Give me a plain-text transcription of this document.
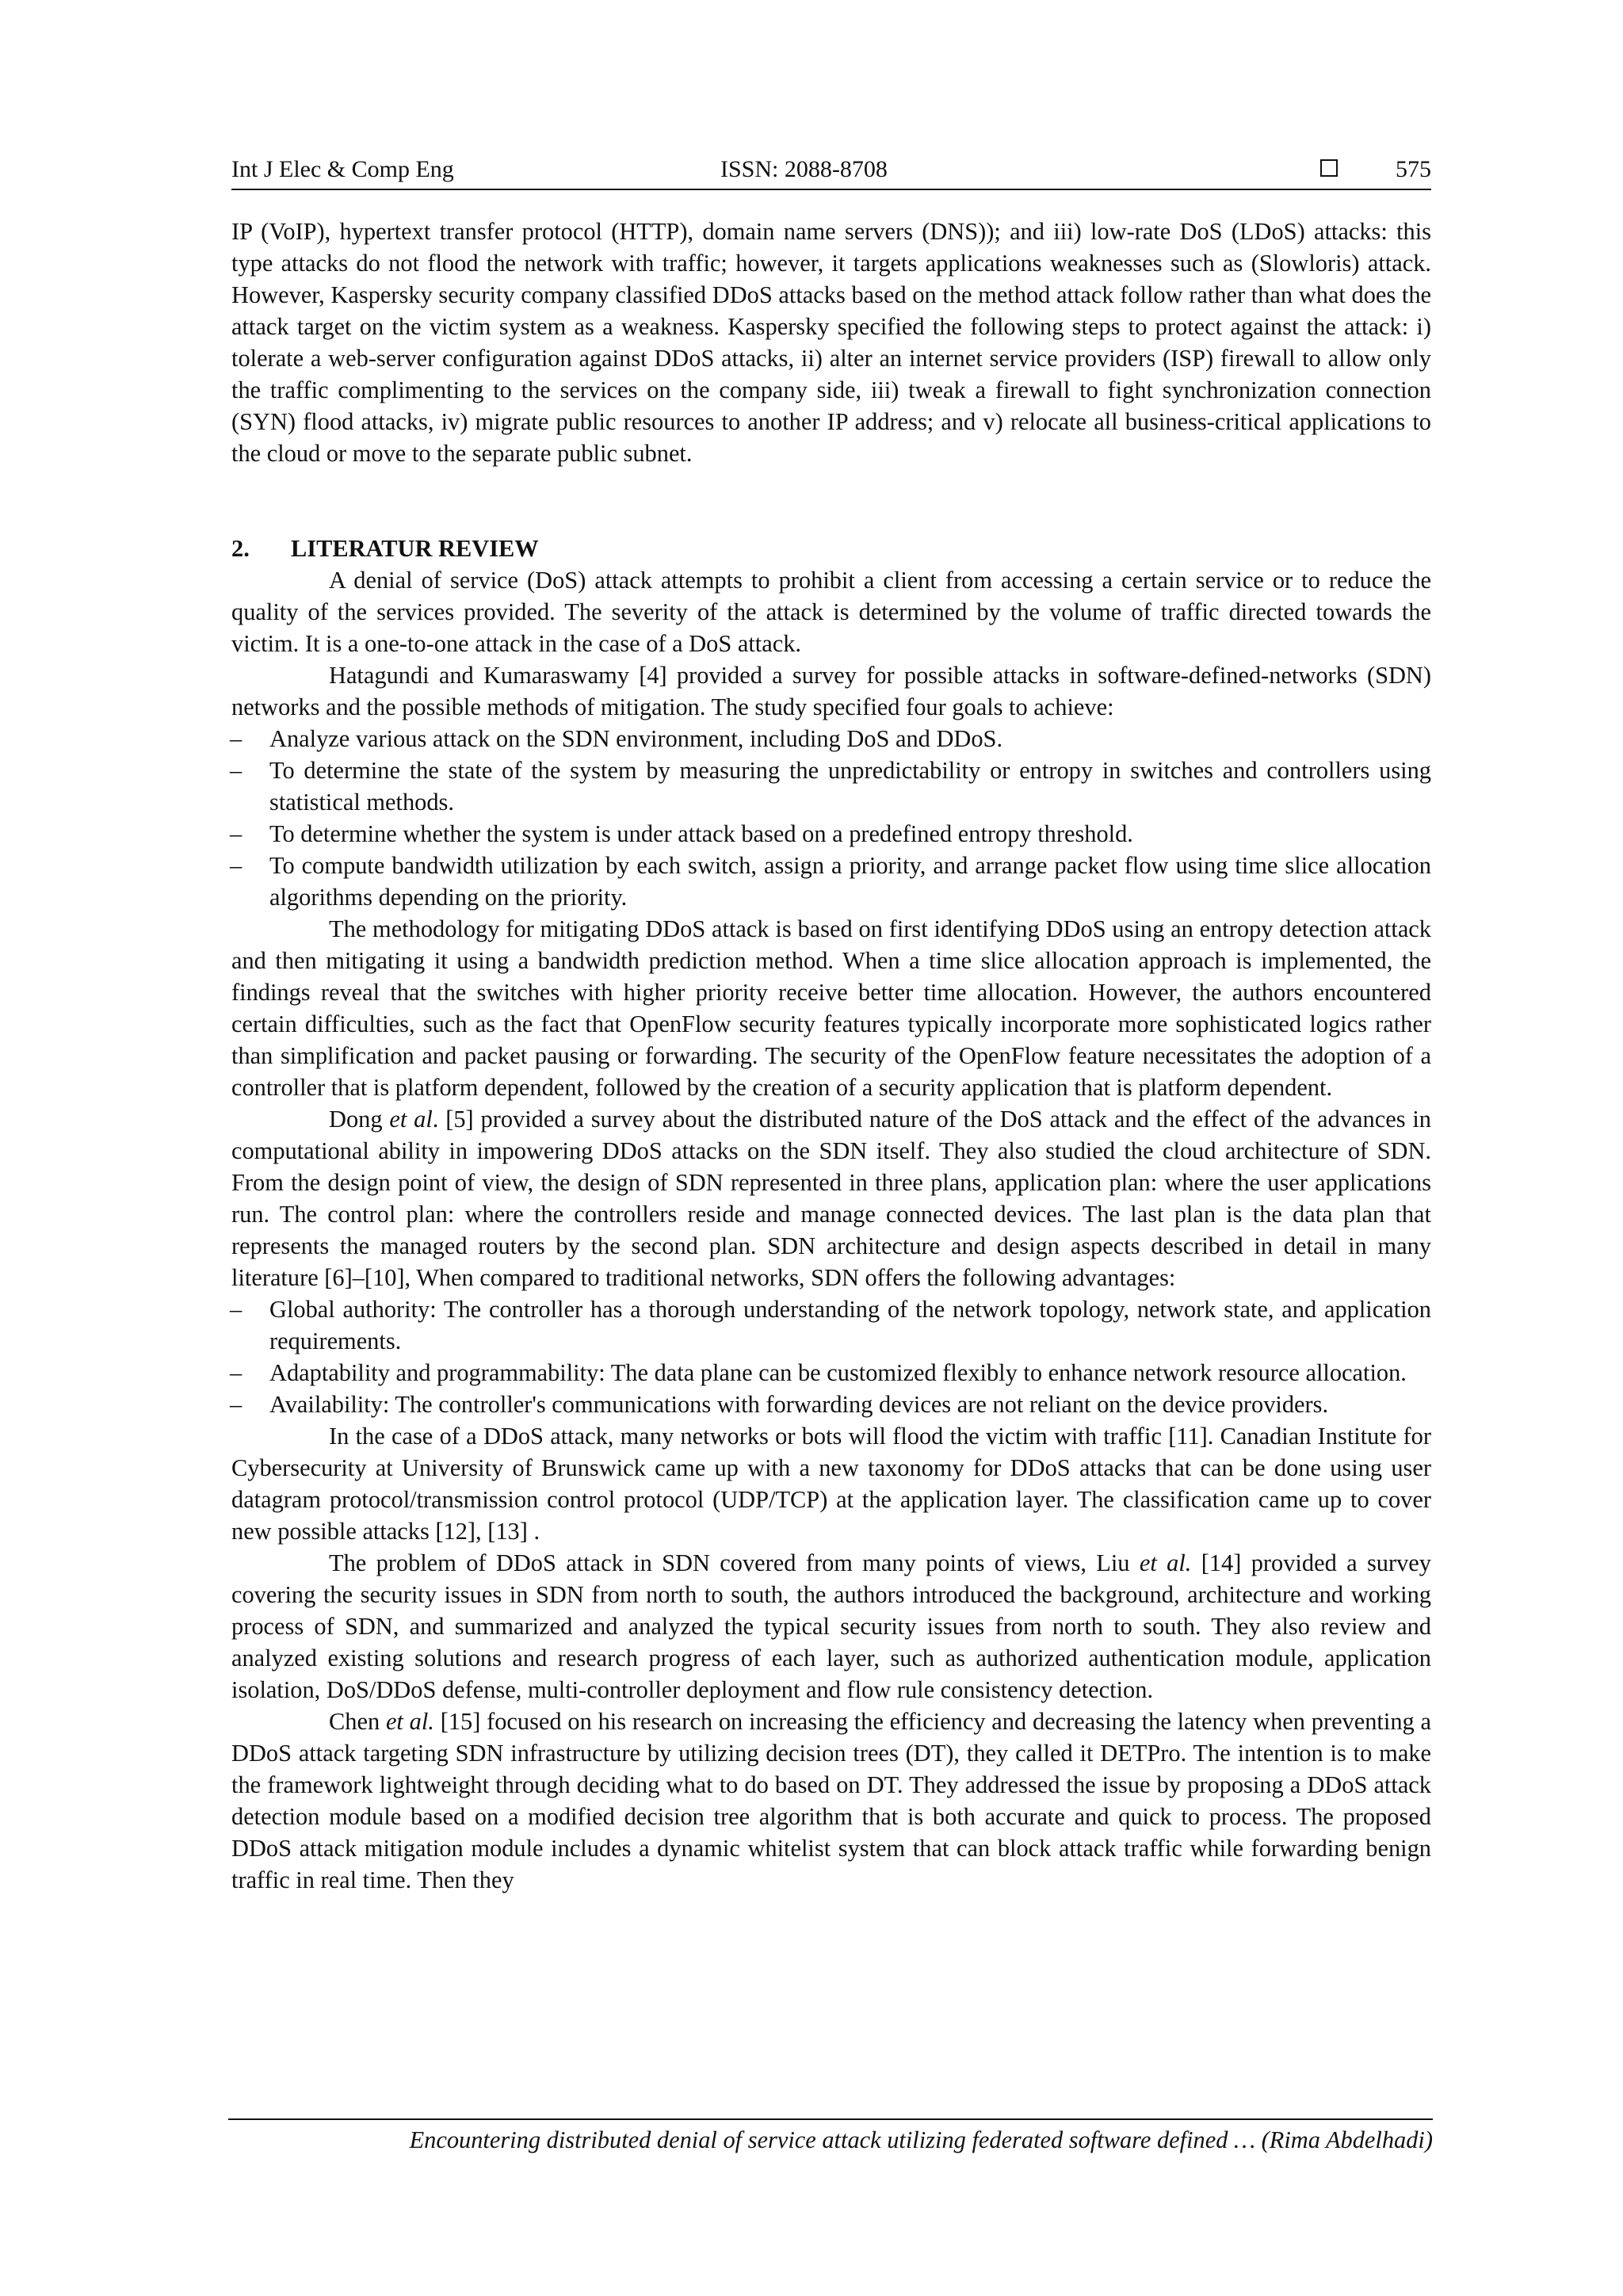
Int J Elec & Comp Eng	ISSN: 2088-8708	575

IP (VoIP), hypertext transfer protocol (HTTP), domain name servers (DNS)); and iii) low-rate DoS (LDoS) attacks: this type attacks do not flood the network with traffic; however, it targets applications weaknesses such as (Slowloris) attack. However, Kaspersky security company classified DDoS attacks based on the method attack follow rather than what does the attack target on the victim system as a weakness. Kaspersky specified the following steps to protect against the attack: i) tolerate a web-server configuration against DDoS attacks, ii) alter an internet service providers (ISP) firewall to allow only the traffic complimenting to the services on the company side, iii) tweak a firewall to fight synchronization connection (SYN) flood attacks, iv) migrate public resources to another IP address; and v) relocate all business-critical applications to the cloud or move to the separate public subnet.

2. LITERATUR REVIEW

A denial of service (DoS) attack attempts to prohibit a client from accessing a certain service or to reduce the quality of the services provided. The severity of the attack is determined by the volume of traffic directed towards the victim. It is a one-to-one attack in the case of a DoS attack.

Hatagundi and Kumaraswamy [4] provided a survey for possible attacks in software-defined-networks (SDN) networks and the possible methods of mitigation. The study specified four goals to achieve:

–	Analyze various attack on the SDN environment, including DoS and DDoS.
–	To determine the state of the system by measuring the unpredictability or entropy in switches and controllers using statistical methods.
–	To determine whether the system is under attack based on a predefined entropy threshold.
–	To compute bandwidth utilization by each switch, assign a priority, and arrange packet flow using time slice allocation algorithms depending on the priority.

The methodology for mitigating DDoS attack is based on first identifying DDoS using an entropy detection attack and then mitigating it using a bandwidth prediction method. When a time slice allocation approach is implemented, the findings reveal that the switches with higher priority receive better time allocation. However, the authors encountered certain difficulties, such as the fact that OpenFlow security features typically incorporate more sophisticated logics rather than simplification and packet pausing or forwarding. The security of the OpenFlow feature necessitates the adoption of a controller that is platform dependent, followed by the creation of a security application that is platform dependent.

Dong et al. [5] provided a survey about the distributed nature of the DoS attack and the effect of the advances in computational ability in impowering DDoS attacks on the SDN itself. They also studied the cloud architecture of SDN. From the design point of view, the design of SDN represented in three plans, application plan: where the user applications run. The control plan: where the controllers reside and manage connected devices. The last plan is the data plan that represents the managed routers by the second plan. SDN architecture and design aspects described in detail in many literature [6]–[10], When compared to traditional networks, SDN offers the following advantages:

–	Global authority: The controller has a thorough understanding of the network topology, network state, and application requirements.
–	Adaptability and programmability: The data plane can be customized flexibly to enhance network resource allocation.
–	Availability: The controller's communications with forwarding devices are not reliant on the device providers.

In the case of a DDoS attack, many networks or bots will flood the victim with traffic [11]. Canadian Institute for Cybersecurity at University of Brunswick came up with a new taxonomy for DDoS attacks that can be done using user datagram protocol/transmission control protocol (UDP/TCP) at the application layer. The classification came up to cover new possible attacks [12], [13] .

The problem of DDoS attack in SDN covered from many points of views, Liu et al. [14] provided a survey covering the security issues in SDN from north to south, the authors introduced the background, architecture and working process of SDN, and summarized and analyzed the typical security issues from north to south. They also review and analyzed existing solutions and research progress of each layer, such as authorized authentication module, application isolation, DoS/DDoS defense, multi-controller deployment and flow rule consistency detection.

Chen et al. [15] focused on his research on increasing the efficiency and decreasing the latency when preventing a DDoS attack targeting SDN infrastructure by utilizing decision trees (DT), they called it DETPro. The intention is to make the framework lightweight through deciding what to do based on DT. They addressed the issue by proposing a DDoS attack detection module based on a modified decision tree algorithm that is both accurate and quick to process. The proposed DDoS attack mitigation module includes a dynamic whitelist system that can block attack traffic while forwarding benign traffic in real time. Then they

Encountering distributed denial of service attack utilizing federated software defined … (Rima Abdelhadi)
